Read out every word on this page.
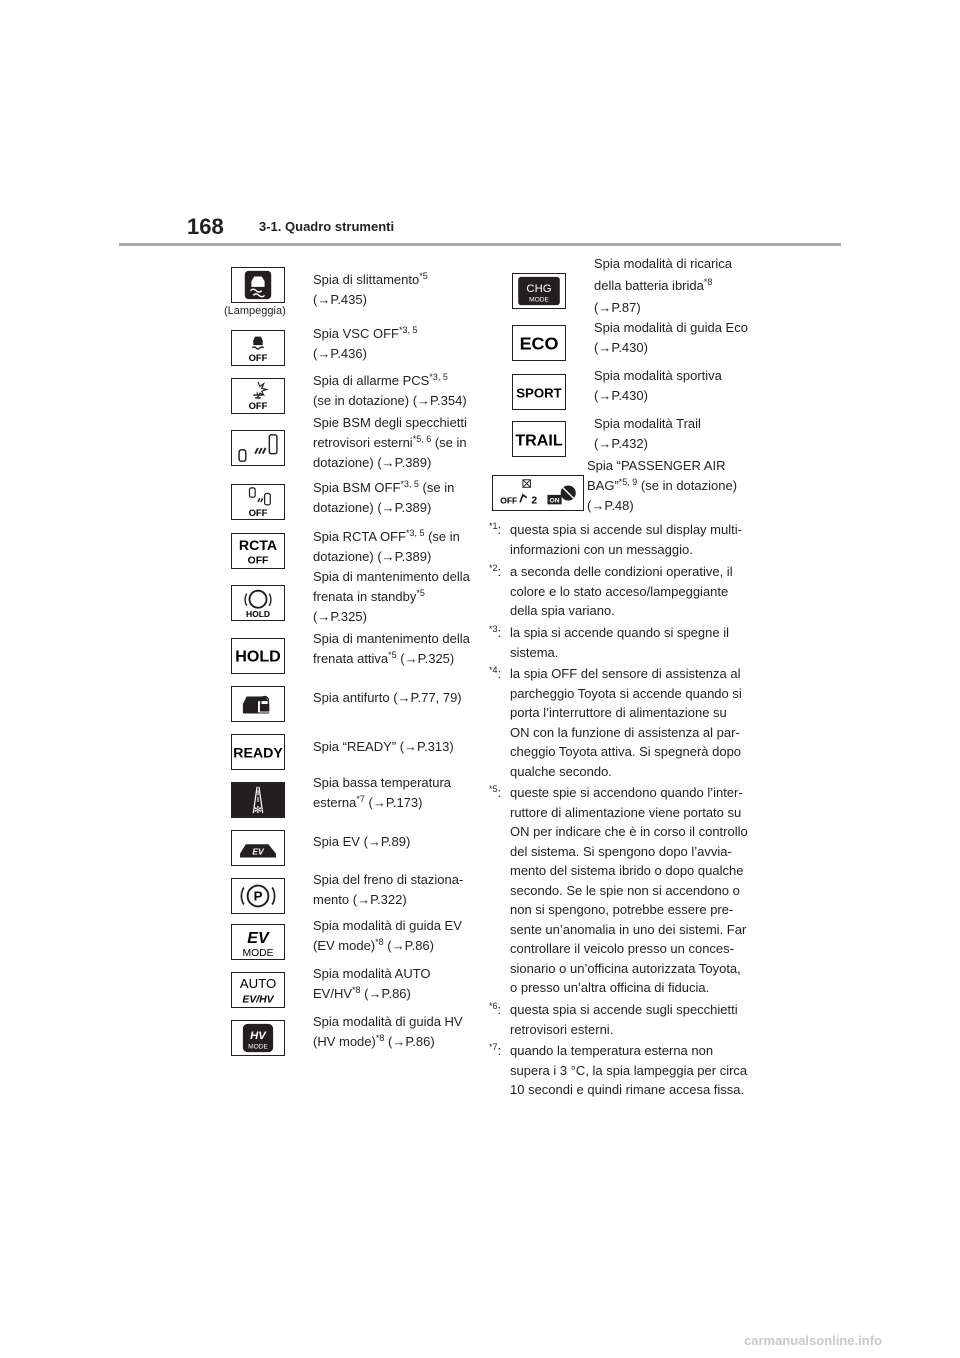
168	3-1. Quadro strumenti
(Lampeggia)
OFF
OFF
OFF
RCTA
OFF
HOLD
HOLD
READY
✻
EV
P
EV
MODE
AUTO
EV/HV
HV
MODE

Spia di slittamento$^{*5}$

(→P.435)

Spia VSC OFF$^{*3, 5}$

(→P.436)

Spia di allarme PCS$^{*3, 5}$

(se in dotazione) (→P.354)

Spie BSM degli specchietti

retrovisori esterni$^{*5, 6}$ (se in

dotazione) (→P.389)

Spia BSM OFF$^{*3, 5}$ (se in

dotazione) (→P.389)

Spia RCTA OFF$^{*3, 5}$ (se in

dotazione) (→P.389)

Spia di mantenimento della

frenata in standby$^{*5}$

(→P.325)

Spia di mantenimento della

frenata attiva$^{*5}$ (→P.325)

Spia antifurto (→P.77, 79)

Spia “READY” (→P.313)

Spia bassa temperatura

esterna$^{*7}$ (→P.173)

Spia EV (→P.89)

Spia del freno di staziona-

mento (→P.322)

Spia modalità di guida EV

(EV mode)$^{*8}$ (→P.86)

Spia modalità AUTO

EV/HV$^{*8}$ (→P.86)

Spia modalità di guida HV

(HV mode)$^{*8}$ (→P.86)

CHG
MODE
ECO
SPORT
TRAIL
OFF 2 ON

Spia modalità di ricarica

della batteria ibrida$^{*8}$

(→P.87)

Spia modalità di guida Eco

(→P.430)

Spia modalità sportiva

(→P.430)

Spia modalità Trail

(→P.432)

Spia “PASSENGER AIR

BAG”$^{*5, 9}$ (se in dotazione)

(→P.48)

$^{*1}$: questa spia si accende sul display multi-
informazioni con un messaggio.
$^{*2}$: a seconda delle condizioni operative, il
colore e lo stato acceso/lampeggiante
della spia variano.
$^{*3}$: la spia si accende quando si spegne il
sistema.
$^{*4}$: la spia OFF del sensore di assistenza al
parcheggio Toyota si accende quando si
porta l’interruttore di alimentazione su
ON con la funzione di assistenza al par-
cheggio Toyota attiva. Si spegnerà dopo
qualche secondo.
$^{*5}$: queste spie si accendono quando l’inter-
ruttore di alimentazione viene portato su
ON per indicare che è in corso il controllo
del sistema. Si spengono dopo l’avvia-
mento del sistema ibrido o dopo qualche
secondo. Se le spie non si accendono o
non si spengono, potrebbe essere pre-
sente un’anomalia in uno dei sistemi. Far
controllare il veicolo presso un conces-
sionario o un’officina autorizzata Toyota,
o presso un’altra officina di fiducia.
$^{*6}$: questa spia si accende sugli specchietti
retrovisori esterni.
$^{*7}$: quando la temperatura esterna non
supera i 3 °C, la spia lampeggia per circa
10 secondi e quindi rimane accesa fissa.
carmanualsonline.info
